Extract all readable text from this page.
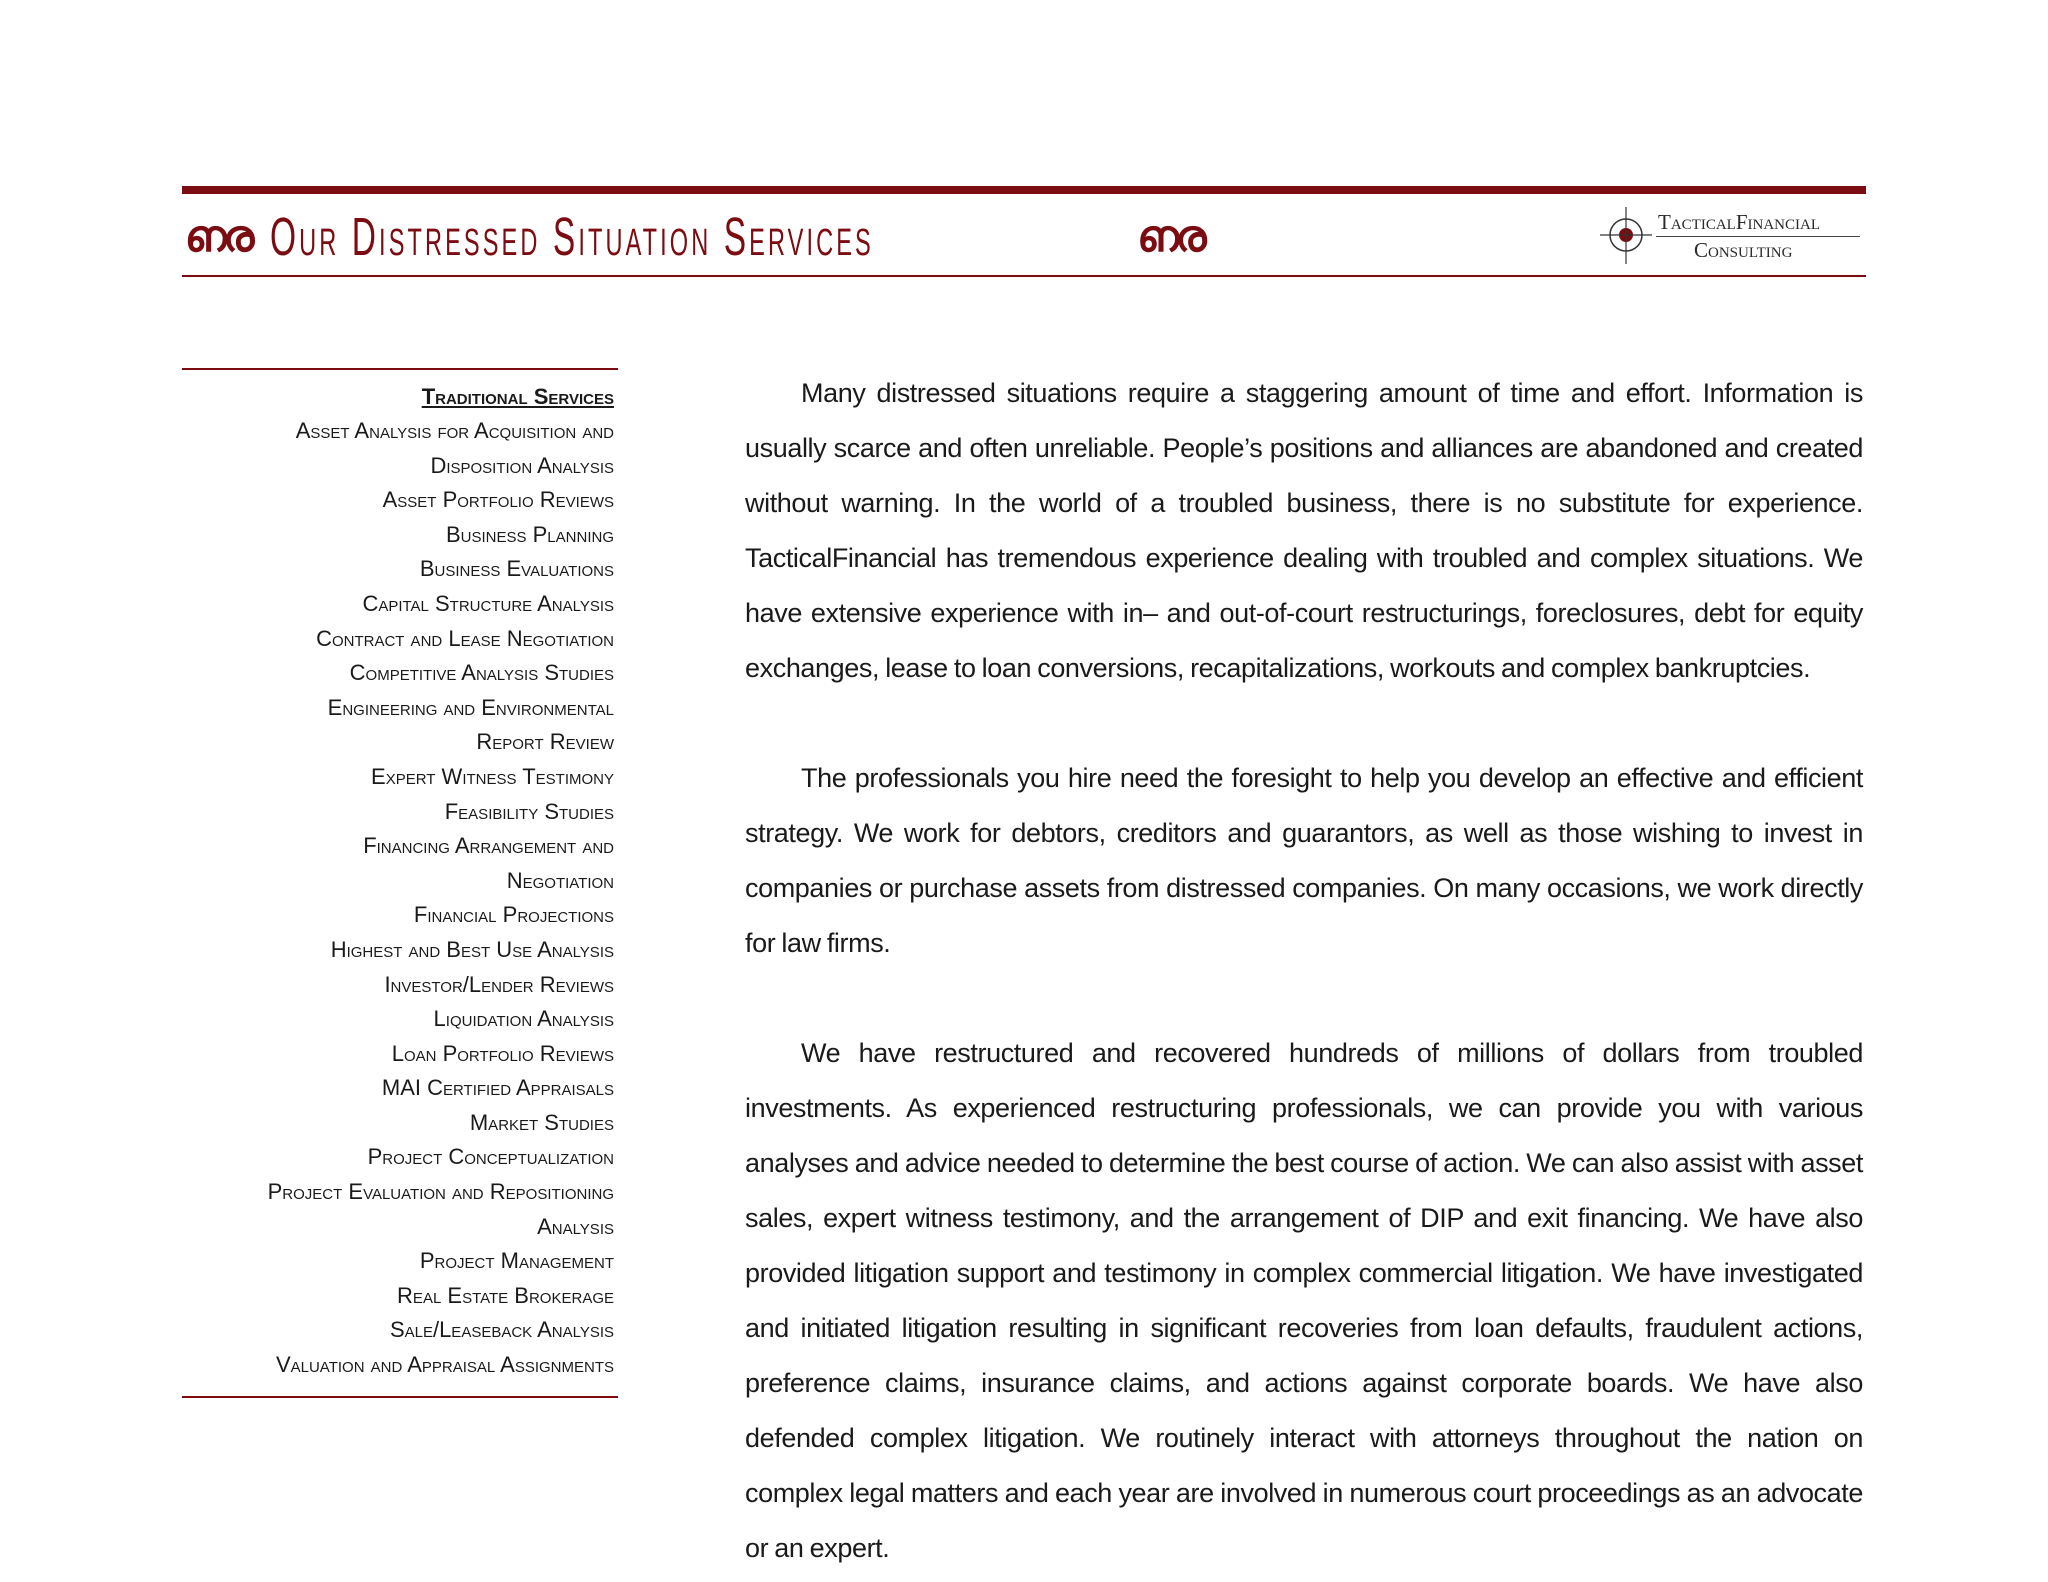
ഩര Our Distressed Situation Services	ഩര	TacticalFinancial
Consulting
Traditional Services
Asset Analysis for Acquisition and
Disposition Analysis
Asset Portfolio Reviews
Business Planning
Business Evaluations
Capital Structure Analysis
Contract and Lease Negotiation
Competitive Analysis Studies
Engineering and Environmental
Report Review
Expert Witness Testimony
Feasibility Studies
Financing Arrangement and
Negotiation
Financial Projections
Highest and Best Use Analysis
Investor/Lender Reviews
Liquidation Analysis
Loan Portfolio Reviews
MAI Certified Appraisals
Market Studies
Project Conceptualization
Project Evaluation and Repositioning
Analysis
Project Management
Real Estate Brokerage
Sale/Leaseback Analysis
Valuation and Appraisal Assignments

Many distressed situations require a staggering amount of time and effort. Information is usually scarce and often unreliable. People’s positions and alliances are abandoned and created without warning. In the world of a troubled business, there is no substitute for experience. TacticalFinancial has tremendous experience dealing with troubled and complex situations. We have extensive experience with in– and out-of-court restructurings, foreclosures, debt for equity exchanges, lease to loan conversions, recapitalizations, workouts and complex bankruptcies.

The professionals you hire need the foresight to help you develop an effective and efficient strategy. We work for debtors, creditors and guarantors, as well as those wishing to invest in companies or purchase assets from distressed companies. On many occasions, we work directly for law firms.

We have restructured and recovered hundreds of millions of dollars from troubled investments. As experienced restructuring professionals, we can provide you with various analyses and advice needed to determine the best course of action. We can also assist with asset sales, expert witness testimony, and the arrangement of DIP and exit financing. We have also provided litigation support and testimony in complex commercial litigation. We have investigated and initiated litigation resulting in significant recoveries from loan defaults, fraudulent actions, preference claims, insurance claims, and actions against corporate boards. We have also defended complex litigation. We routinely interact with attorneys throughout the nation on complex legal matters and each year are involved in numerous court proceedings as an advocate or an expert.
